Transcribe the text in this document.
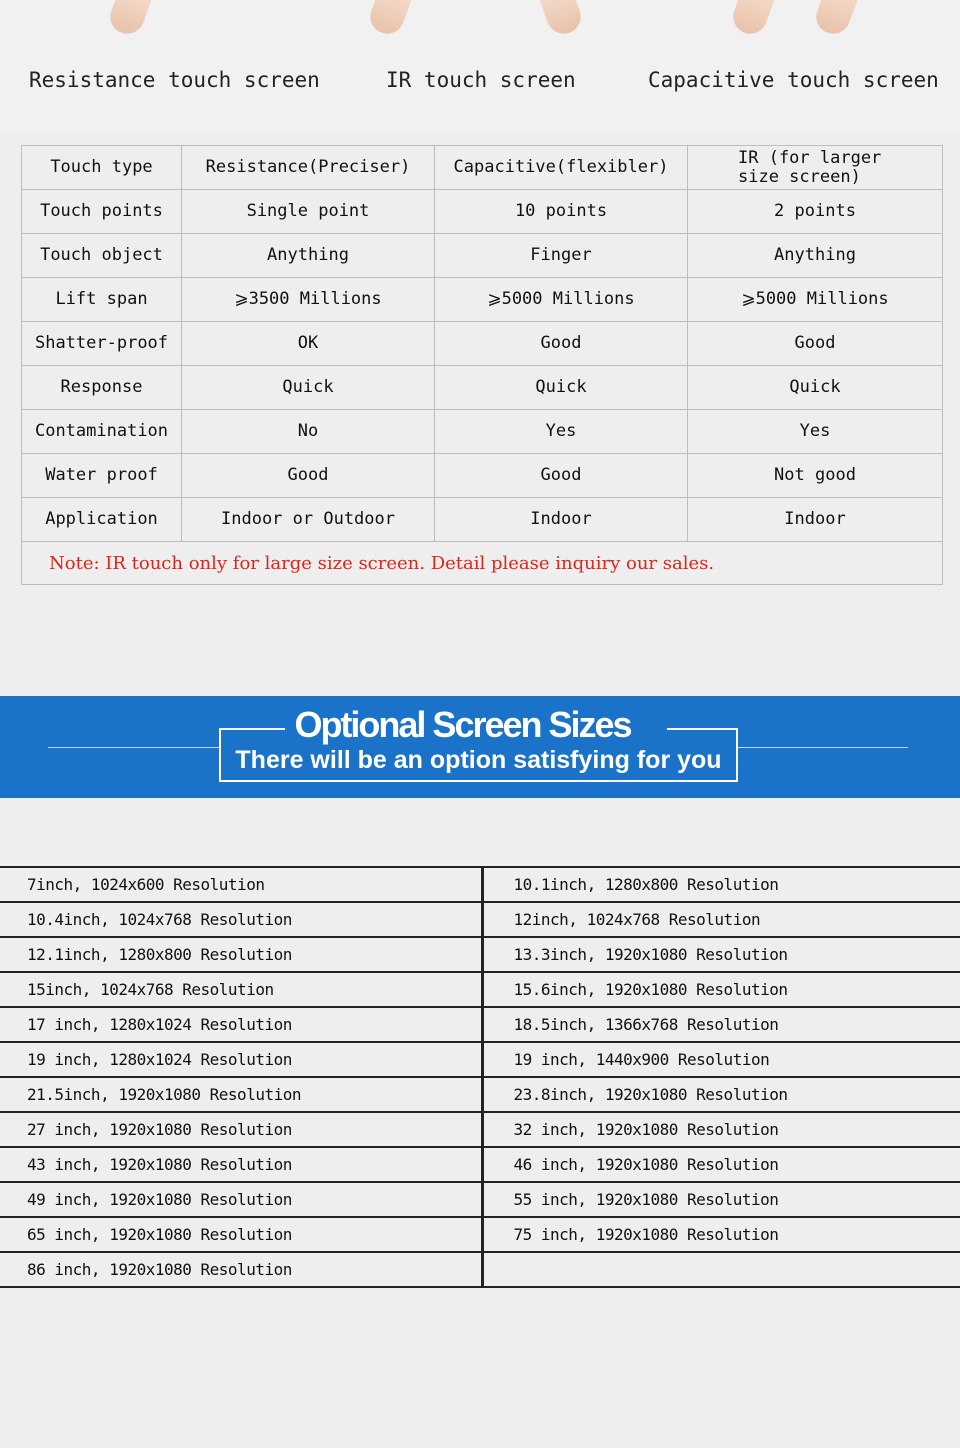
Resistance touch screen	IR touch screen	Capacitive touch screen
Touch type	Resistance(Preciser)	Capacitive(flexibler)	IR (for larger size screen)
Touch points	Single point	10 points	2 points
Touch object	Anything	Finger	Anything
Lift span	⩾3500 Millions	⩾5000 Millions	⩾5000 Millions
Shatter-proof	OK	Good	Good
Response	Quick	Quick	Quick
Contamination	No	Yes	Yes
Water proof	Good	Good	Not good
Application	Indoor or Outdoor	Indoor	Indoor
Note: IR touch only for large size screen. Detail please inquiry our sales.			
Optional Screen Sizes
There will be an option satisfying for you
7inch, 1024x600 Resolution	10.1inch, 1280x800 Resolution
10.4inch, 1024x768 Resolution	12inch, 1024x768 Resolution
12.1inch, 1280x800 Resolution	13.3inch, 1920x1080 Resolution
15inch, 1024x768 Resolution	15.6inch, 1920x1080 Resolution
17 inch, 1280x1024 Resolution	18.5inch, 1366x768 Resolution
19 inch, 1280x1024 Resolution	19 inch, 1440x900 Resolution
21.5inch, 1920x1080 Resolution	23.8inch, 1920x1080 Resolution
27 inch, 1920x1080 Resolution	32 inch, 1920x1080 Resolution
43 inch, 1920x1080 Resolution	46 inch, 1920x1080 Resolution
49 inch, 1920x1080 Resolution	55 inch, 1920x1080 Resolution
65 inch, 1920x1080 Resolution	75 inch, 1920x1080 Resolution
86 inch, 1920x1080 Resolution	
